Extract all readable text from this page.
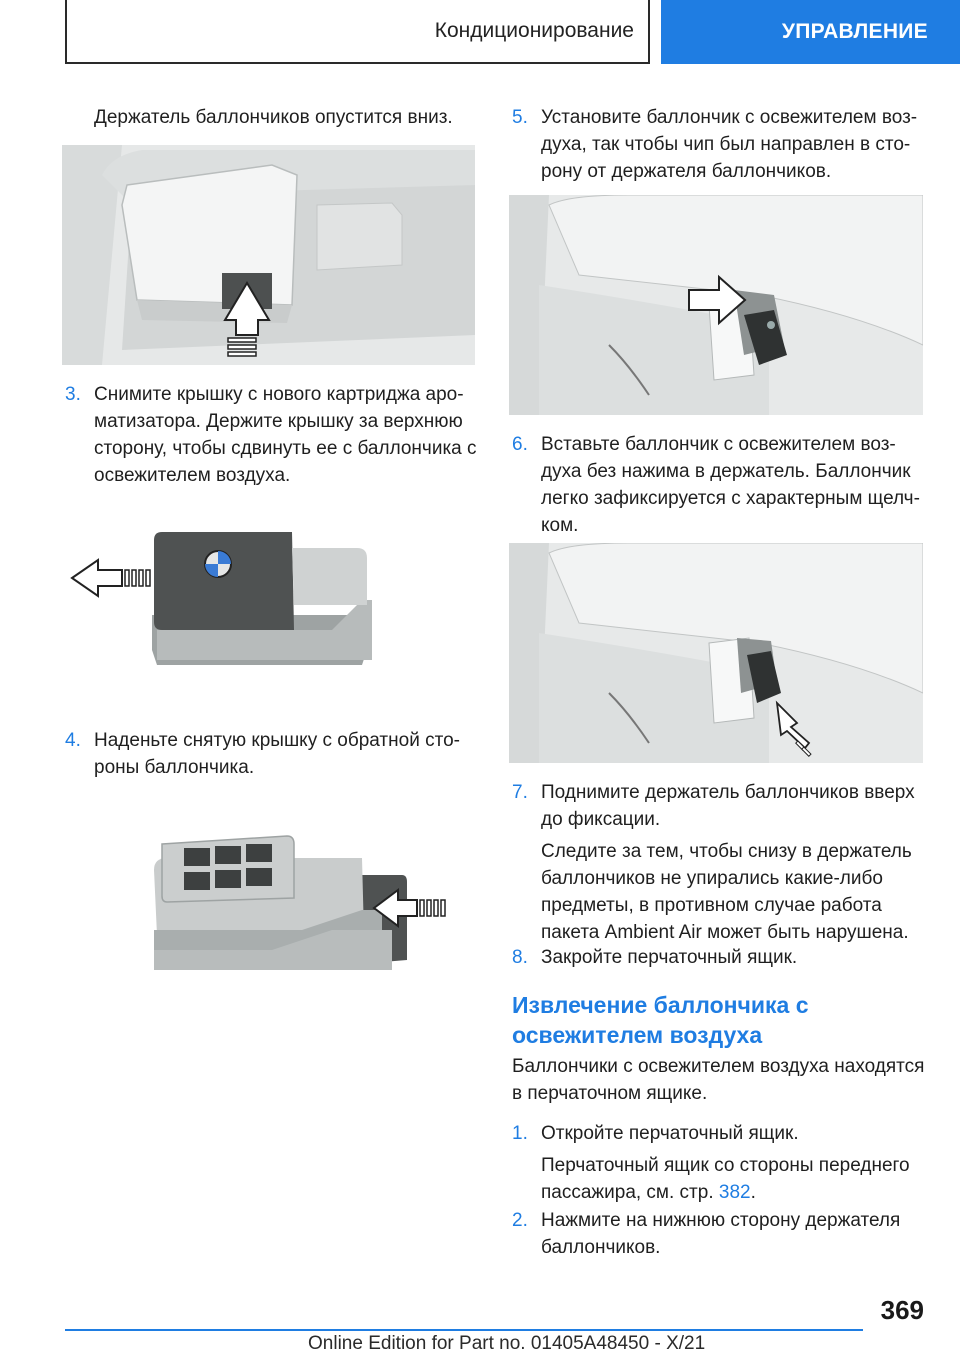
Кондиционирование	УПРАВЛЕНИЕ
Держатель баллончиков опустится вниз.
3. Снимите крышку с нового картриджа аро-
матизатора. Держите крышку за верхнюю
сторону, чтобы сдвинуть ее с баллончика с
освежителем воздуха.
4. Наденьте снятую крышку с обратной сто-
роны баллончика.
5. Установите баллончик с освежителем воз-
духа, так чтобы чип был направлен в сто-
рону от держателя баллончиков.
6. Вставьте баллончик с освежителем воз-
духа без нажима в держатель. Баллончик
легко зафиксируется с характерным щелч-
ком.
7. Поднимите держатель баллончиков вверх
до фиксации.
Следите за тем, чтобы снизу в держатель
баллончиков не упирались какие-либо
предметы, в противном случае работа
пакета Ambient Air может быть нарушена.
8. Закройте перчаточный ящик.
Извлечение баллончика с
освежителем воздуха
Баллончики с освежителем воздуха находятся
в перчаточном ящике.
1. Откройте перчаточный ящик.
Перчаточный ящик со стороны переднего
пассажира, см. стр. 382.
2. Нажмите на нижнюю сторону держателя
баллончиков.
369
Online Edition for Part no. 01405A48450 - X/21
